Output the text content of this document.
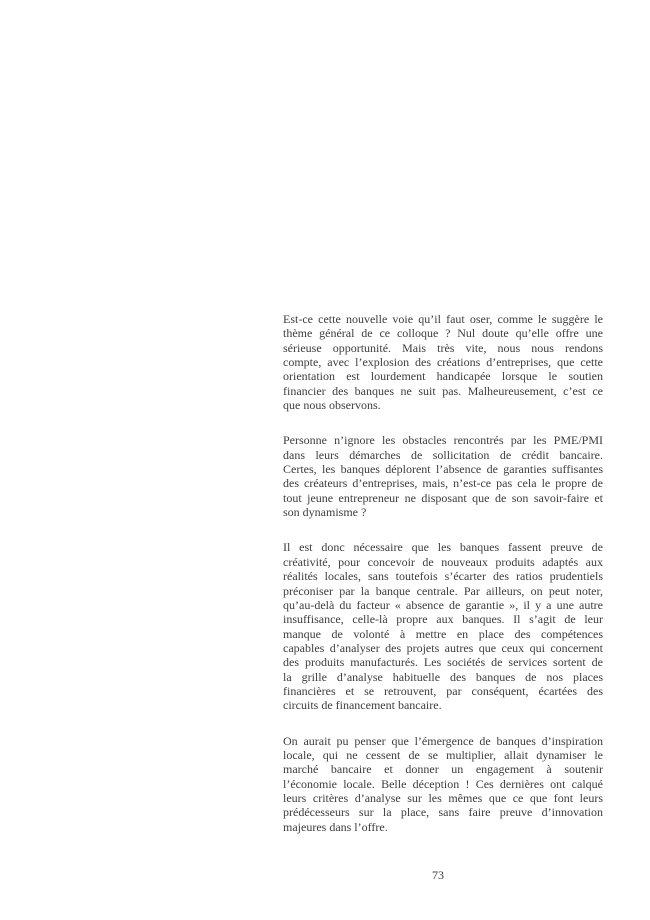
Est-ce cette nouvelle voie qu’il faut oser, comme le suggère le
thème général de ce colloque ? Nul doute qu’elle offre une
sérieuse opportunité. Mais très vite, nous nous rendons
compte, avec l’explosion des créations d’entreprises, que cette
orientation est lourdement handicapée lorsque le soutien
financier des banques ne suit pas. Malheureusement, c’est ce
que nous observons.
Personne n’ignore les obstacles rencontrés par les PME/PMI
dans leurs démarches de sollicitation de crédit bancaire.
Certes, les banques déplorent l’absence de garanties suffisantes
des créateurs d’entreprises, mais, n’est-ce pas cela le propre de
tout jeune entrepreneur ne disposant que de son savoir-faire et
son dynamisme ?
Il est donc nécessaire que les banques fassent preuve de
créativité, pour concevoir de nouveaux produits adaptés aux
réalités locales, sans toutefois s’écarter des ratios prudentiels
préconiser par la banque centrale. Par ailleurs, on peut noter,
qu’au-delà du facteur « absence de garantie », il y a une autre
insuffisance, celle-là propre aux banques. Il s’agit de leur
manque de volonté à mettre en place des compétences
capables d’analyser des projets autres que ceux qui concernent
des produits manufacturés. Les sociétés de services sortent de
la grille d’analyse habituelle des banques de nos places
financières et se retrouvent, par conséquent, écartées des
circuits de financement bancaire.
On aurait pu penser que l’émergence de banques d’inspiration
locale, qui ne cessent de se multiplier, allait dynamiser le
marché bancaire et donner un engagement à soutenir
l’économie locale. Belle déception ! Ces dernières ont calqué
leurs critères d’analyse sur les mêmes que ce que font leurs
prédécesseurs sur la place, sans faire preuve d’innovation
majeures dans l’offre.
73
